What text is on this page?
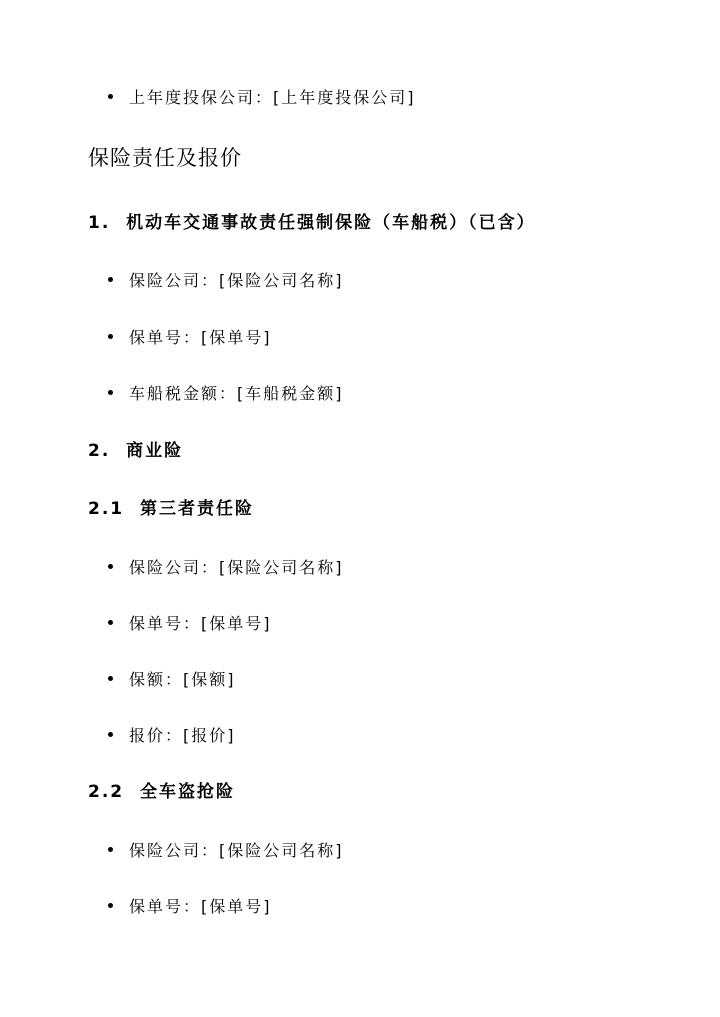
上年度投保公司：[上年度投保公司]
保险责任及报价
1. 机动车交通事故责任强制保险（车船税）（已含）
保险公司：[保险公司名称]
保单号：[保单号]
车船税金额：[车船税金额]
2. 商业险
2.1 第三者责任险
保险公司：[保险公司名称]
保单号：[保单号]
保额：[保额]
报价：[报价]
2.2 全车盗抢险
保险公司：[保险公司名称]
保单号：[保单号]
